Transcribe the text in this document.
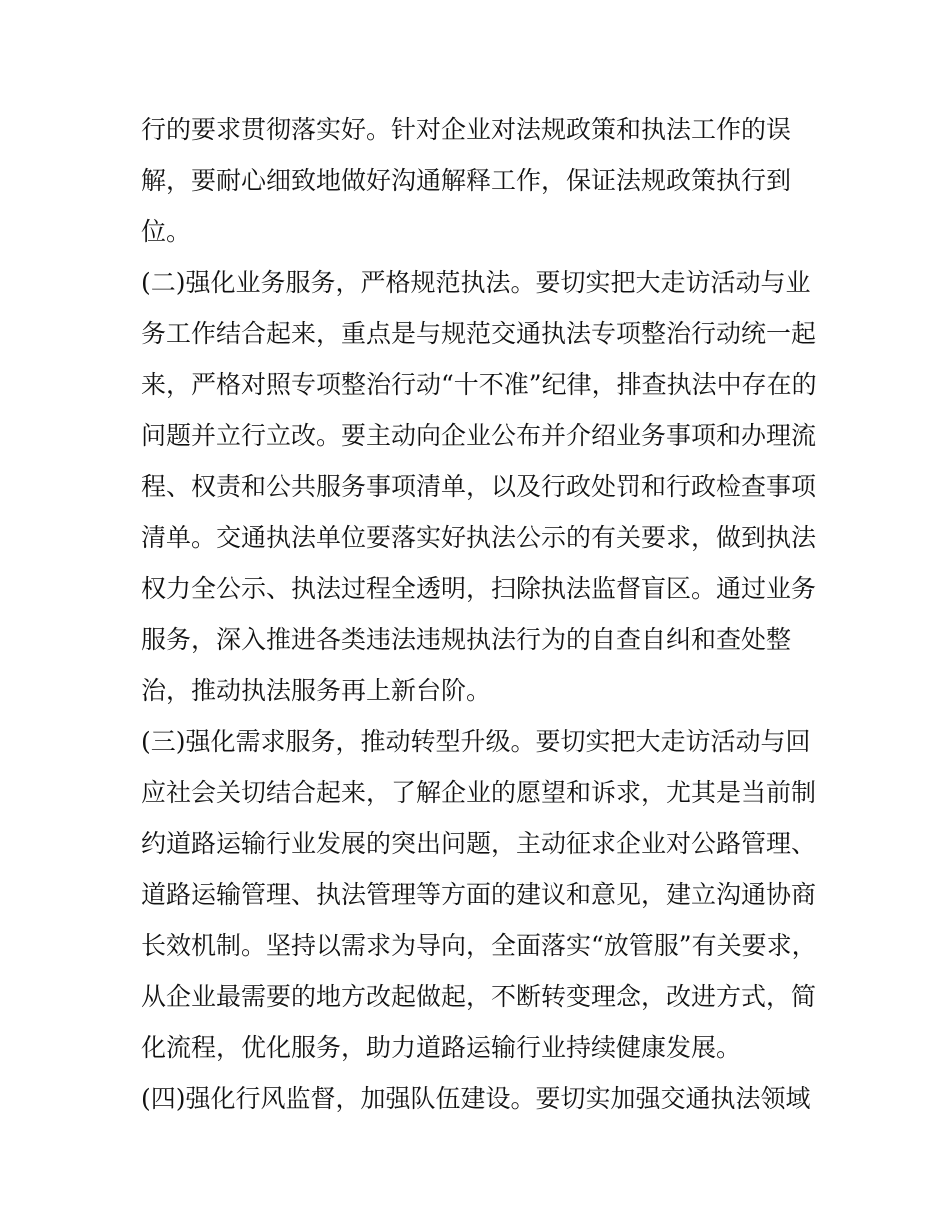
行的要求贯彻落实好。针对企业对法规政策和执法工作的误
解，要耐心细致地做好沟通解释工作，保证法规政策执行到
位。
(二)强化业务服务，严格规范执法。要切实把大走访活动与业
务工作结合起来，重点是与规范交通执法专项整治行动统一起
来，严格对照专项整治行动“十不准”纪律，排查执法中存在的
问题并立行立改。要主动向企业公布并介绍业务事项和办理流
程、权责和公共服务事项清单，以及行政处罚和行政检查事项
清单。交通执法单位要落实好执法公示的有关要求，做到执法
权力全公示、执法过程全透明，扫除执法监督盲区。通过业务
服务，深入推进各类违法违规执法行为的自查自纠和查处整
治，推动执法服务再上新台阶。
(三)强化需求服务，推动转型升级。要切实把大走访活动与回
应社会关切结合起来，了解企业的愿望和诉求，尤其是当前制
约道路运输行业发展的突出问题，主动征求企业对公路管理、
道路运输管理、执法管理等方面的建议和意见，建立沟通协商
长效机制。坚持以需求为导向，全面落实“放管服”有关要求，
从企业最需要的地方改起做起，不断转变理念，改进方式，简
化流程，优化服务，助力道路运输行业持续健康发展。
(四)强化行风监督，加强队伍建设。要切实加强交通执法领域
